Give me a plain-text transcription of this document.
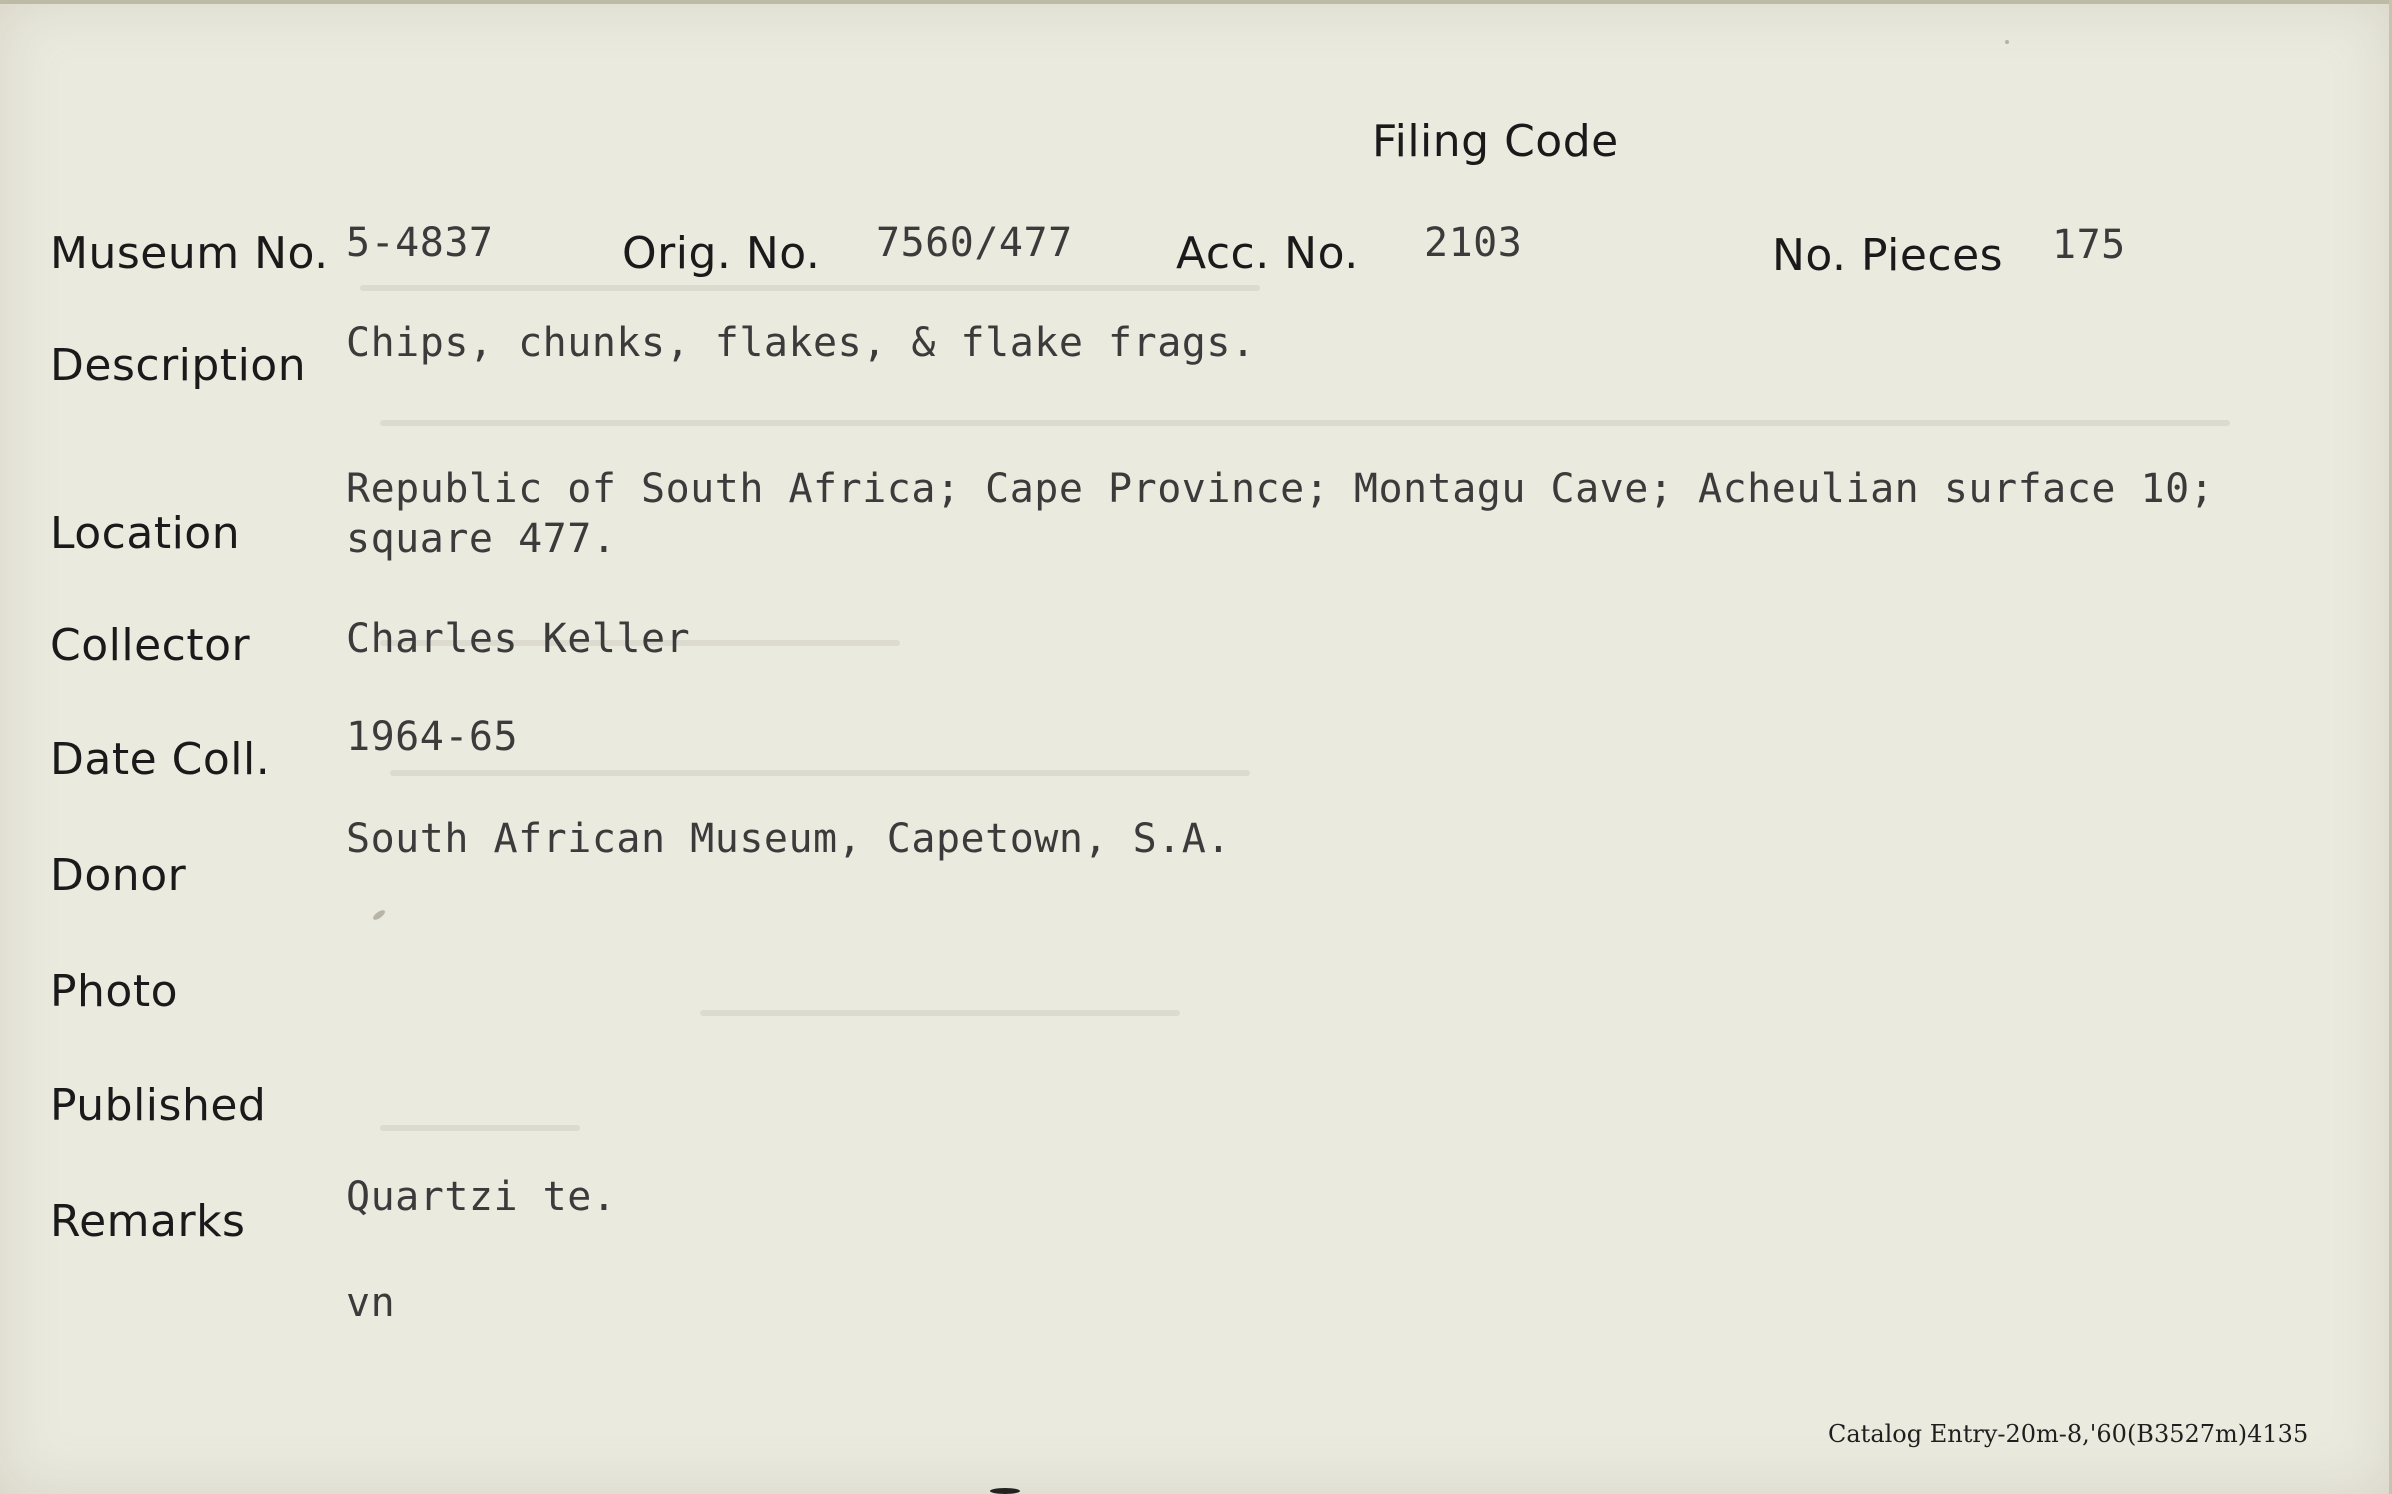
Filing Code
Museum No. 5-4837	Orig. No. 7560/477 Acc. No. 2103	No. Pieces 175
Description Chips, chunks, flakes, & flake frags.
Location
Republic of South Africa; Cape Province; Montagu Cave; Acheulian surface 10;
square 477.
Collector Charles Keller
Date Coll. 1964-65
Donor
South African Museum, Capetown, S.A.
Photo
Published
Remarks	Quartzi te.
vn
Catalog Entry-20m-8,'60(B3527m)4135
